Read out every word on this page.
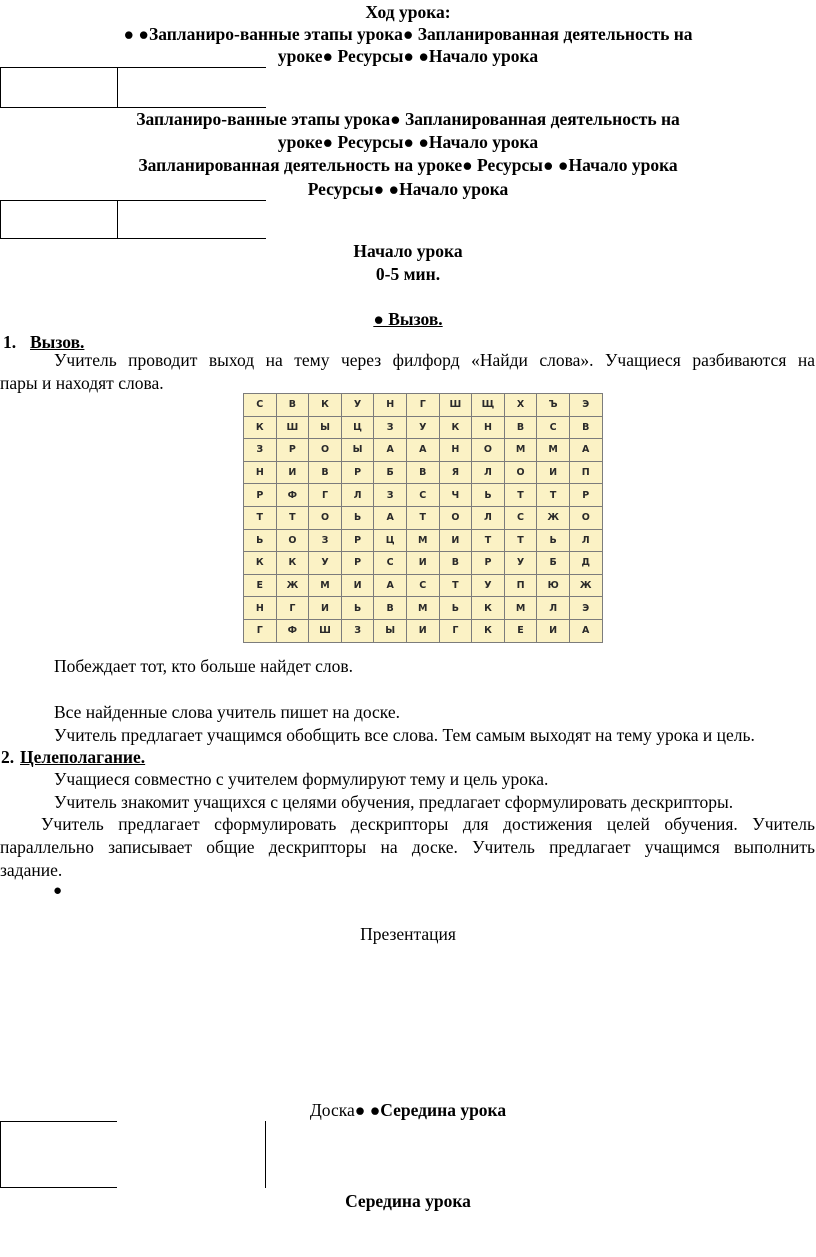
Ход урока:
● ●Запланиро-ванные этапы урока● Запланированная деятельность на
уроке● Ресурсы● ●Начало урока
Запланиро-ванные этапы урока● Запланированная деятельность на
уроке● Ресурсы● ●Начало урока
Запланированная деятельность на уроке● Ресурсы● ●Начало урока
Ресурсы● ●Начало урока
Начало урока
0-5 мин.
● Вызов.
1. Вызов.
Учитель проводит выход на тему через филфорд «Найди слова». Учащиеся разбиваются на
пары и находят слова.
С	В	К	У	Н	Г	Ш	Щ	Х	Ъ	Э
К	Ш	Ы	Ц	З	У	К	Н	В	С	В
З	Р	О	Ы	А	А	Н	О	М	М	А
Н	И	В	Р	Б	В	Я	Л	О	И	П
Р	Ф	Г	Л	З	С	Ч	Ь	Т	Т	Р
Т	Т	О	Ь	А	Т	О	Л	С	Ж	О
Ь	О	З	Р	Ц	М	И	Т	Т	Ь	Л
К	К	У	Р	С	И	В	Р	У	Б	Д
Е	Ж	М	И	А	С	Т	У	П	Ю	Ж
Н	Г	И	Ь	В	М	Ь	К	М	Л	Э
Г	Ф	Ш	З	Ы	И	Г	К	Е	И	А
Побеждает тот, кто больше найдет слов.
Все найденные слова учитель пишет на доске.
Учитель предлагает учащимся обобщить все слова. Тем самым выходят на тему урока и цель.
2. Целеполагание.
Учащиеся совместно с учителем формулируют тему и цель урока.
Учитель знакомит учащихся с целями обучения, предлагает сформулировать дескрипторы.
Учитель предлагает сформулировать дескрипторы для достижения целей обучения. Учитель
параллельно записывает общие дескрипторы на доске. Учитель предлагает учащимся выполнить
задание.
●
Презентация
Доска● ●Середина урока
Середина урока
